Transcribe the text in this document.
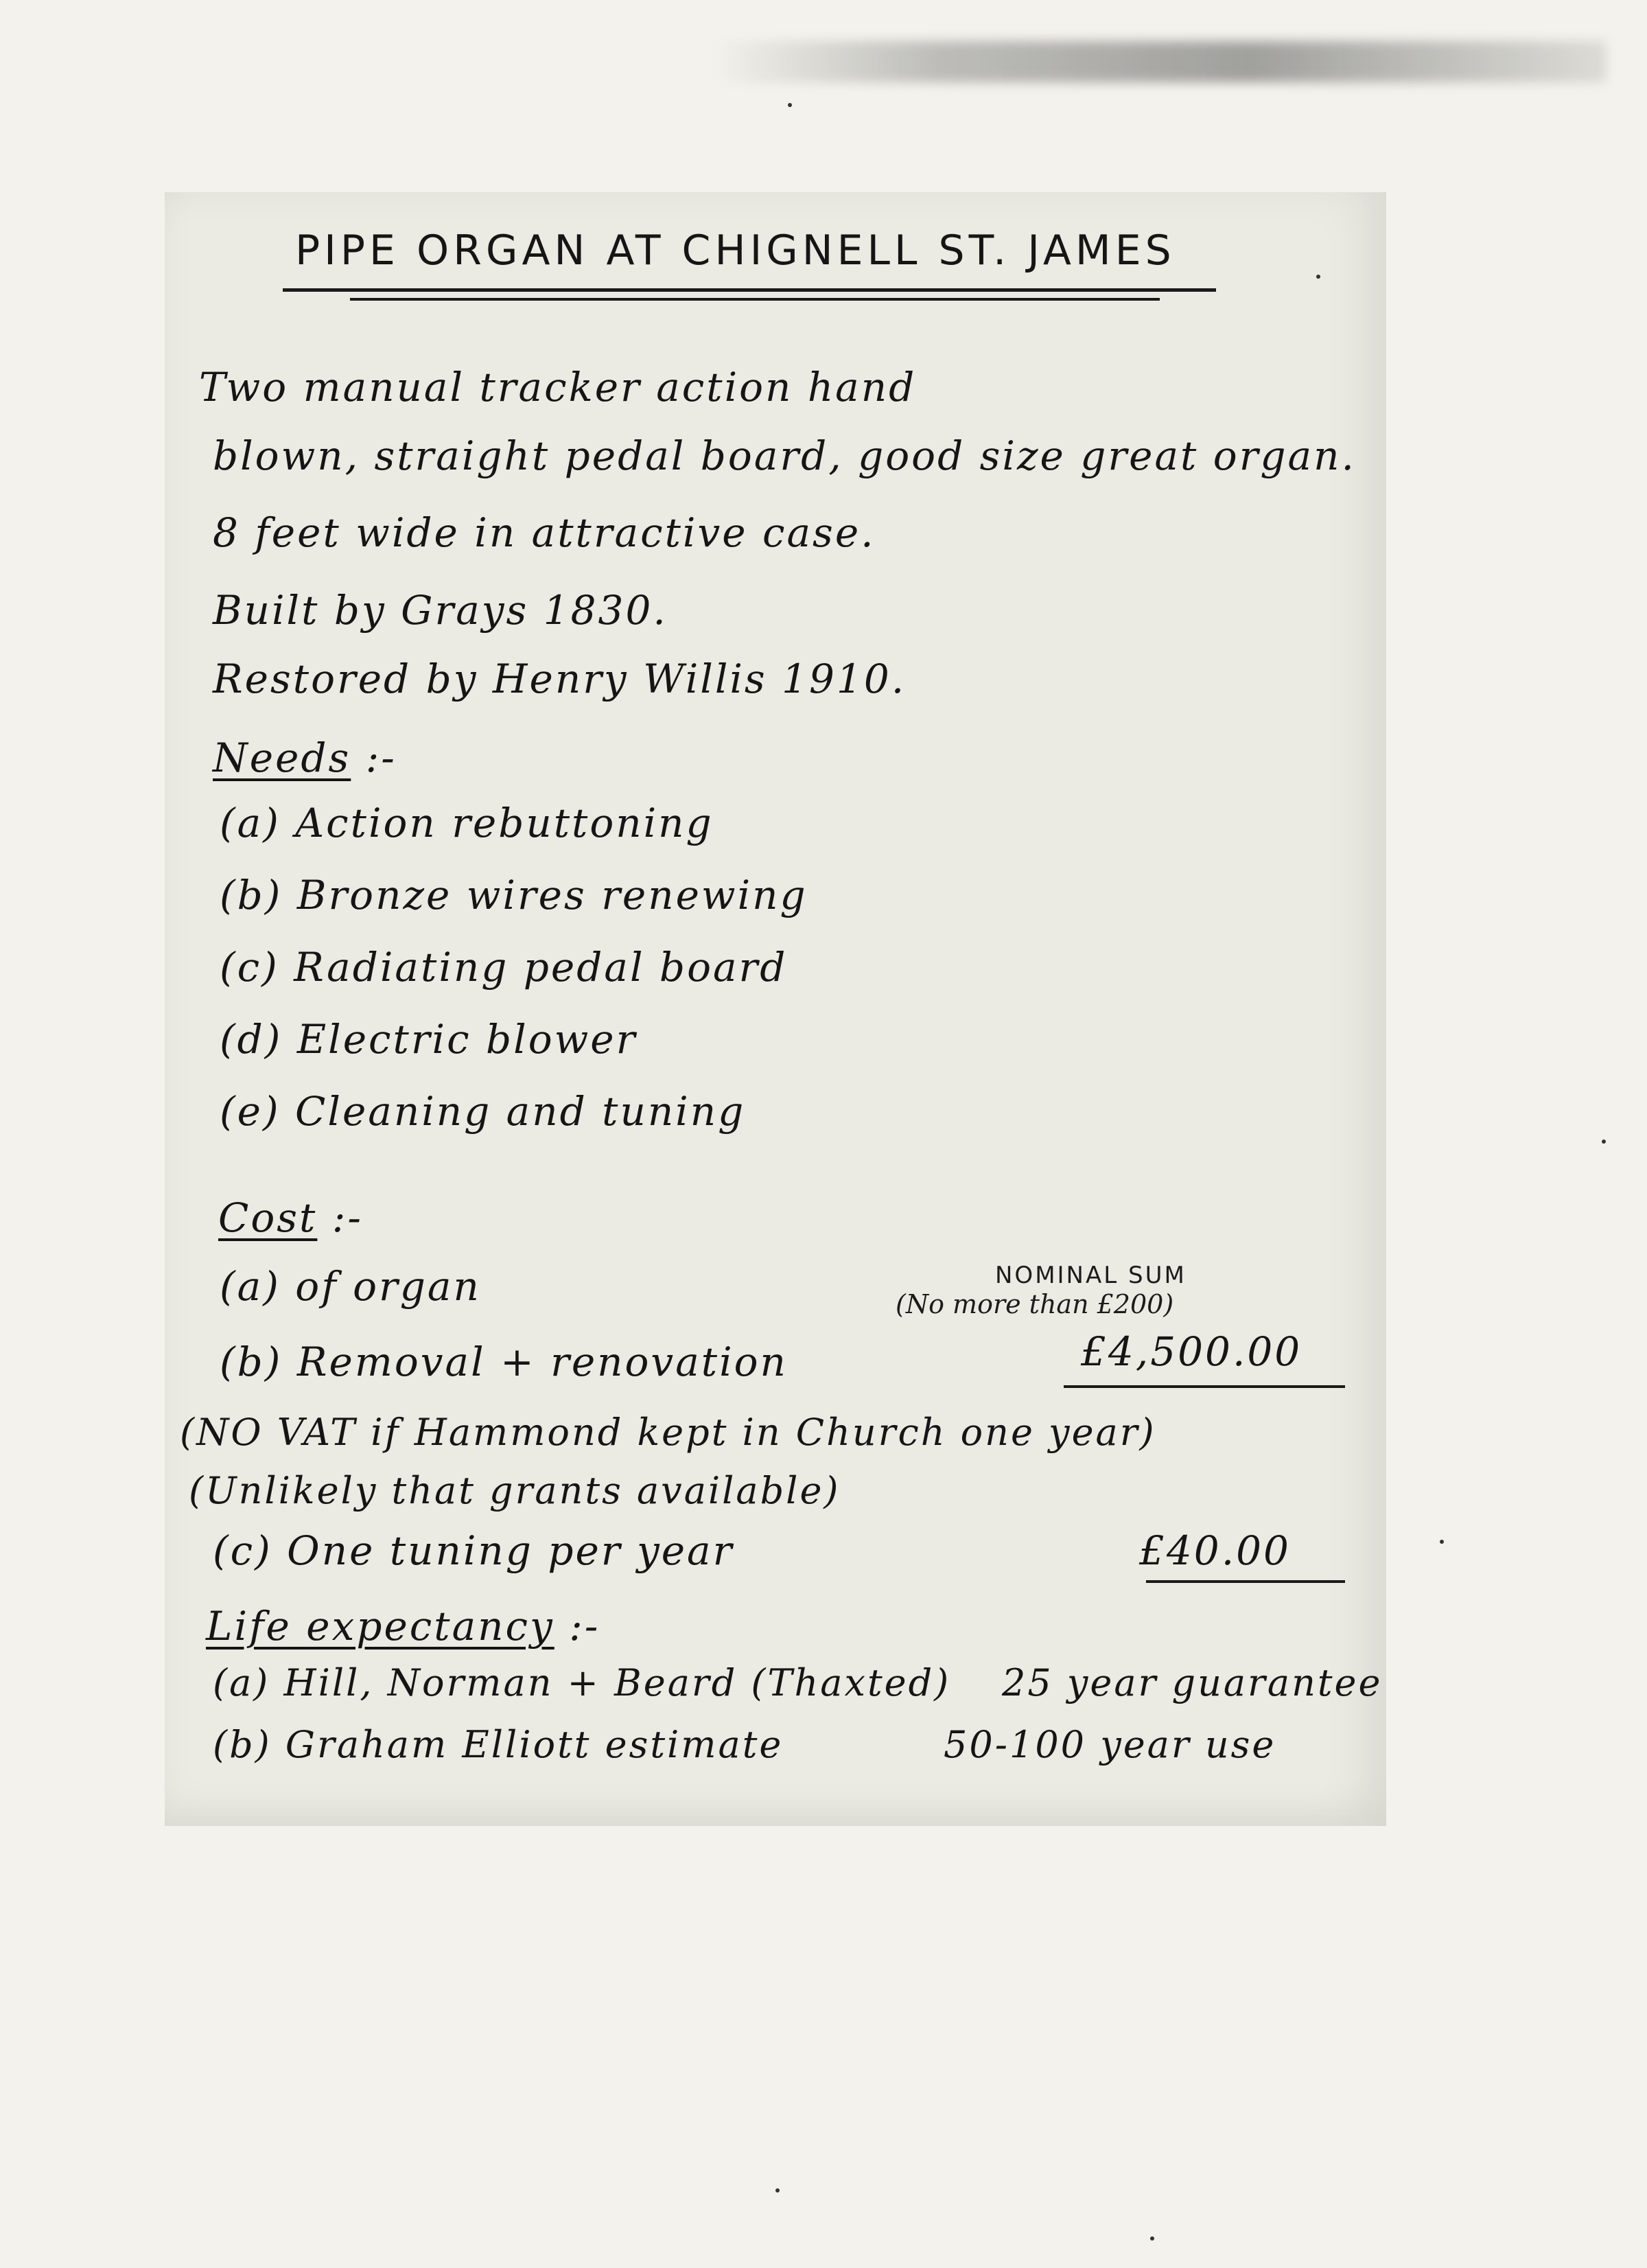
PIPE ORGAN AT CHIGNELL ST. JAMES
Two manual tracker action hand
blown, straight pedal board, good size great organ.
8 feet wide in attractive case.
Built by Grays 1830.
Restored by Henry Willis 1910.
Needs :-
(a) Action rebuttoning
(b) Bronze wires renewing
(c) Radiating pedal board
(d) Electric blower
(e) Cleaning and tuning
Cost :-
(a) of organ	NOMINAL SUM
(No more than £200)
(b) Removal + renovation	£4,500.00
(NO VAT if Hammond kept in Church one year)
(Unlikely that grants available)
(c) One tuning per year	£40.00
Life expectancy :-
(a) Hill, Norman + Beard (Thaxted) 25 year guarantee
(b) Graham Elliott estimate	50-100 year use
